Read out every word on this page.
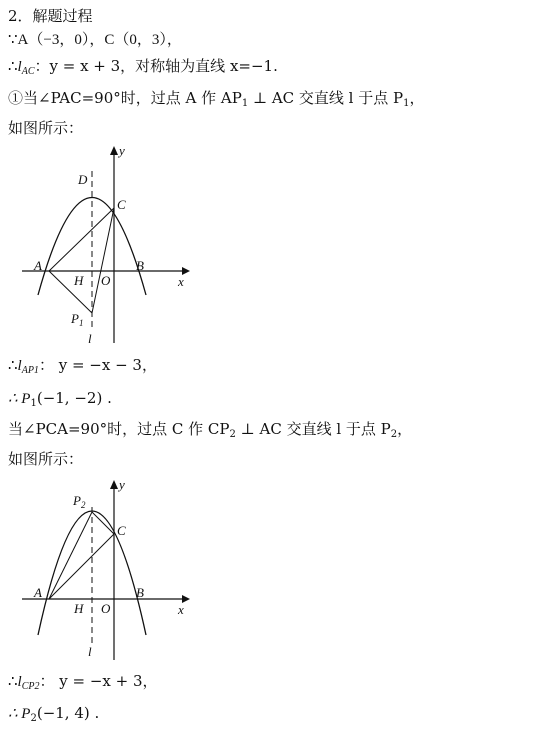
2．解题过程
∵A（−3，0），C（0，3），
$\therefore l_{AC}$：y = x + 3，对称轴为直线 x=−1.
①当∠PAC=90°时，过点 A 作 $AP_1$ ⊥ AC 交直线 l 于点 $P_1$，
如图所示：
y
x
D
C
A	B
H O
$P_1$
l
$\therefore l_{AP1}$： y = −x − 3，
∴ $P_1(-1$, −2) .
当∠PCA=90°时，过点 C 作 $CP_2$ ⊥ AC 交直线 l 于点 $P_2$，
如图所示：
y
x
$P_2$
C
A	B
H O
l
$\therefore l_{CP2}$： y = −x + 3，
∴ $P_2(-1$, 4) .
